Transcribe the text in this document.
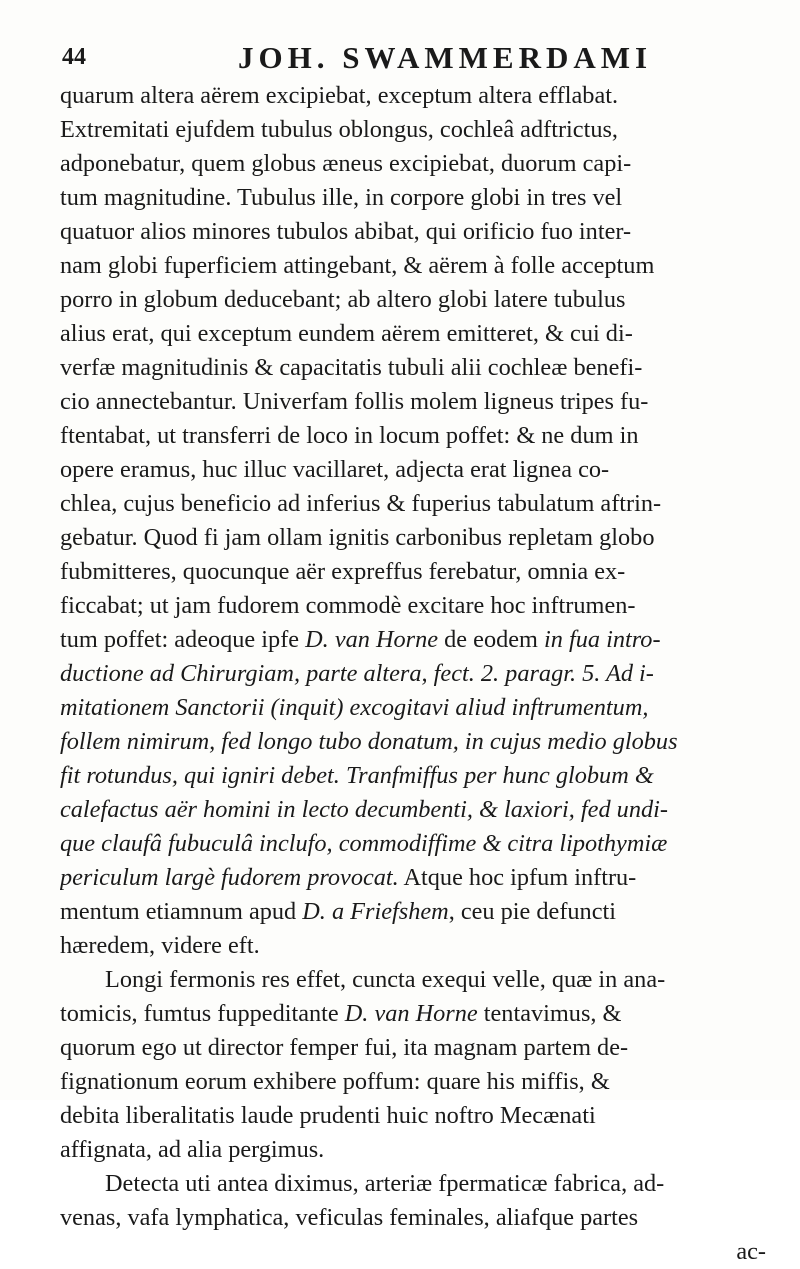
44	JOH. SWAMMERDAMI
quarum altera aërem excipiebat, exceptum altera efflabat.
Extremitati ejufdem tubulus oblongus, cochleâ adftrictus,
adponebatur, quem globus æneus excipiebat, duorum capi-
tum magnitudine. Tubulus ille, in corpore globi in tres vel
quatuor alios minores tubulos abibat, qui orificio fuo inter-
nam globi fuperficiem attingebant, & aërem à folle acceptum
porro in globum deducebant; ab altero globi latere tubulus
alius erat, qui exceptum eundem aërem emitteret, & cui di-
verfæ magnitudinis & capacitatis tubuli alii cochleæ benefi-
cio annectebantur. Univerfam follis molem ligneus tripes fu-
ftentabat, ut transferri de loco in locum poffet: & ne dum in
opere eramus, huc illuc vacillaret, adjecta erat lignea co-
chlea, cujus beneficio ad inferius & fuperius tabulatum aftrin-
gebatur. Quod fi jam ollam ignitis carbonibus repletam globo
fubmitteres, quocunque aër expreffus ferebatur, omnia ex-
ficcabat; ut jam fudorem commodè excitare hoc inftrumen-
tum poffet: adeoque ipfe D. van Horne de eodem in fua intro-
ductione ad Chirurgiam, parte altera, fect. 2. paragr. 5. Ad i-
mitationem Sanctorii (inquit) excogitavi aliud inftrumentum,
follem nimirum, fed longo tubo donatum, in cujus medio globus
fit rotundus, qui igniri debet. Tranfmiffus per hunc globum &
calefactus aër homini in lecto decumbenti, & laxiori, fed undi-
que claufâ fubuculâ inclufo, commodiffime & citra lipothymiæ
periculum largè fudorem provocat. Atque hoc ipfum inftru-
mentum etiamnum apud D. a Friefshem, ceu pie defuncti
hæredem, videre eft.
Longi fermonis res effet, cuncta exequi velle, quæ in ana-
tomicis, fumtus fuppeditante D. van Horne tentavimus, &
quorum ego ut director femper fui, ita magnam partem de-
fignationum eorum exhibere poffum: quare his miffis, &
debita liberalitatis laude prudenti huic noftro Mecænati
affignata, ad alia pergimus.
Detecta uti antea diximus, arteriæ fpermaticæ fabrica, ad-
venas, vafa lymphatica, veficulas feminales, aliafque partes
ac-
